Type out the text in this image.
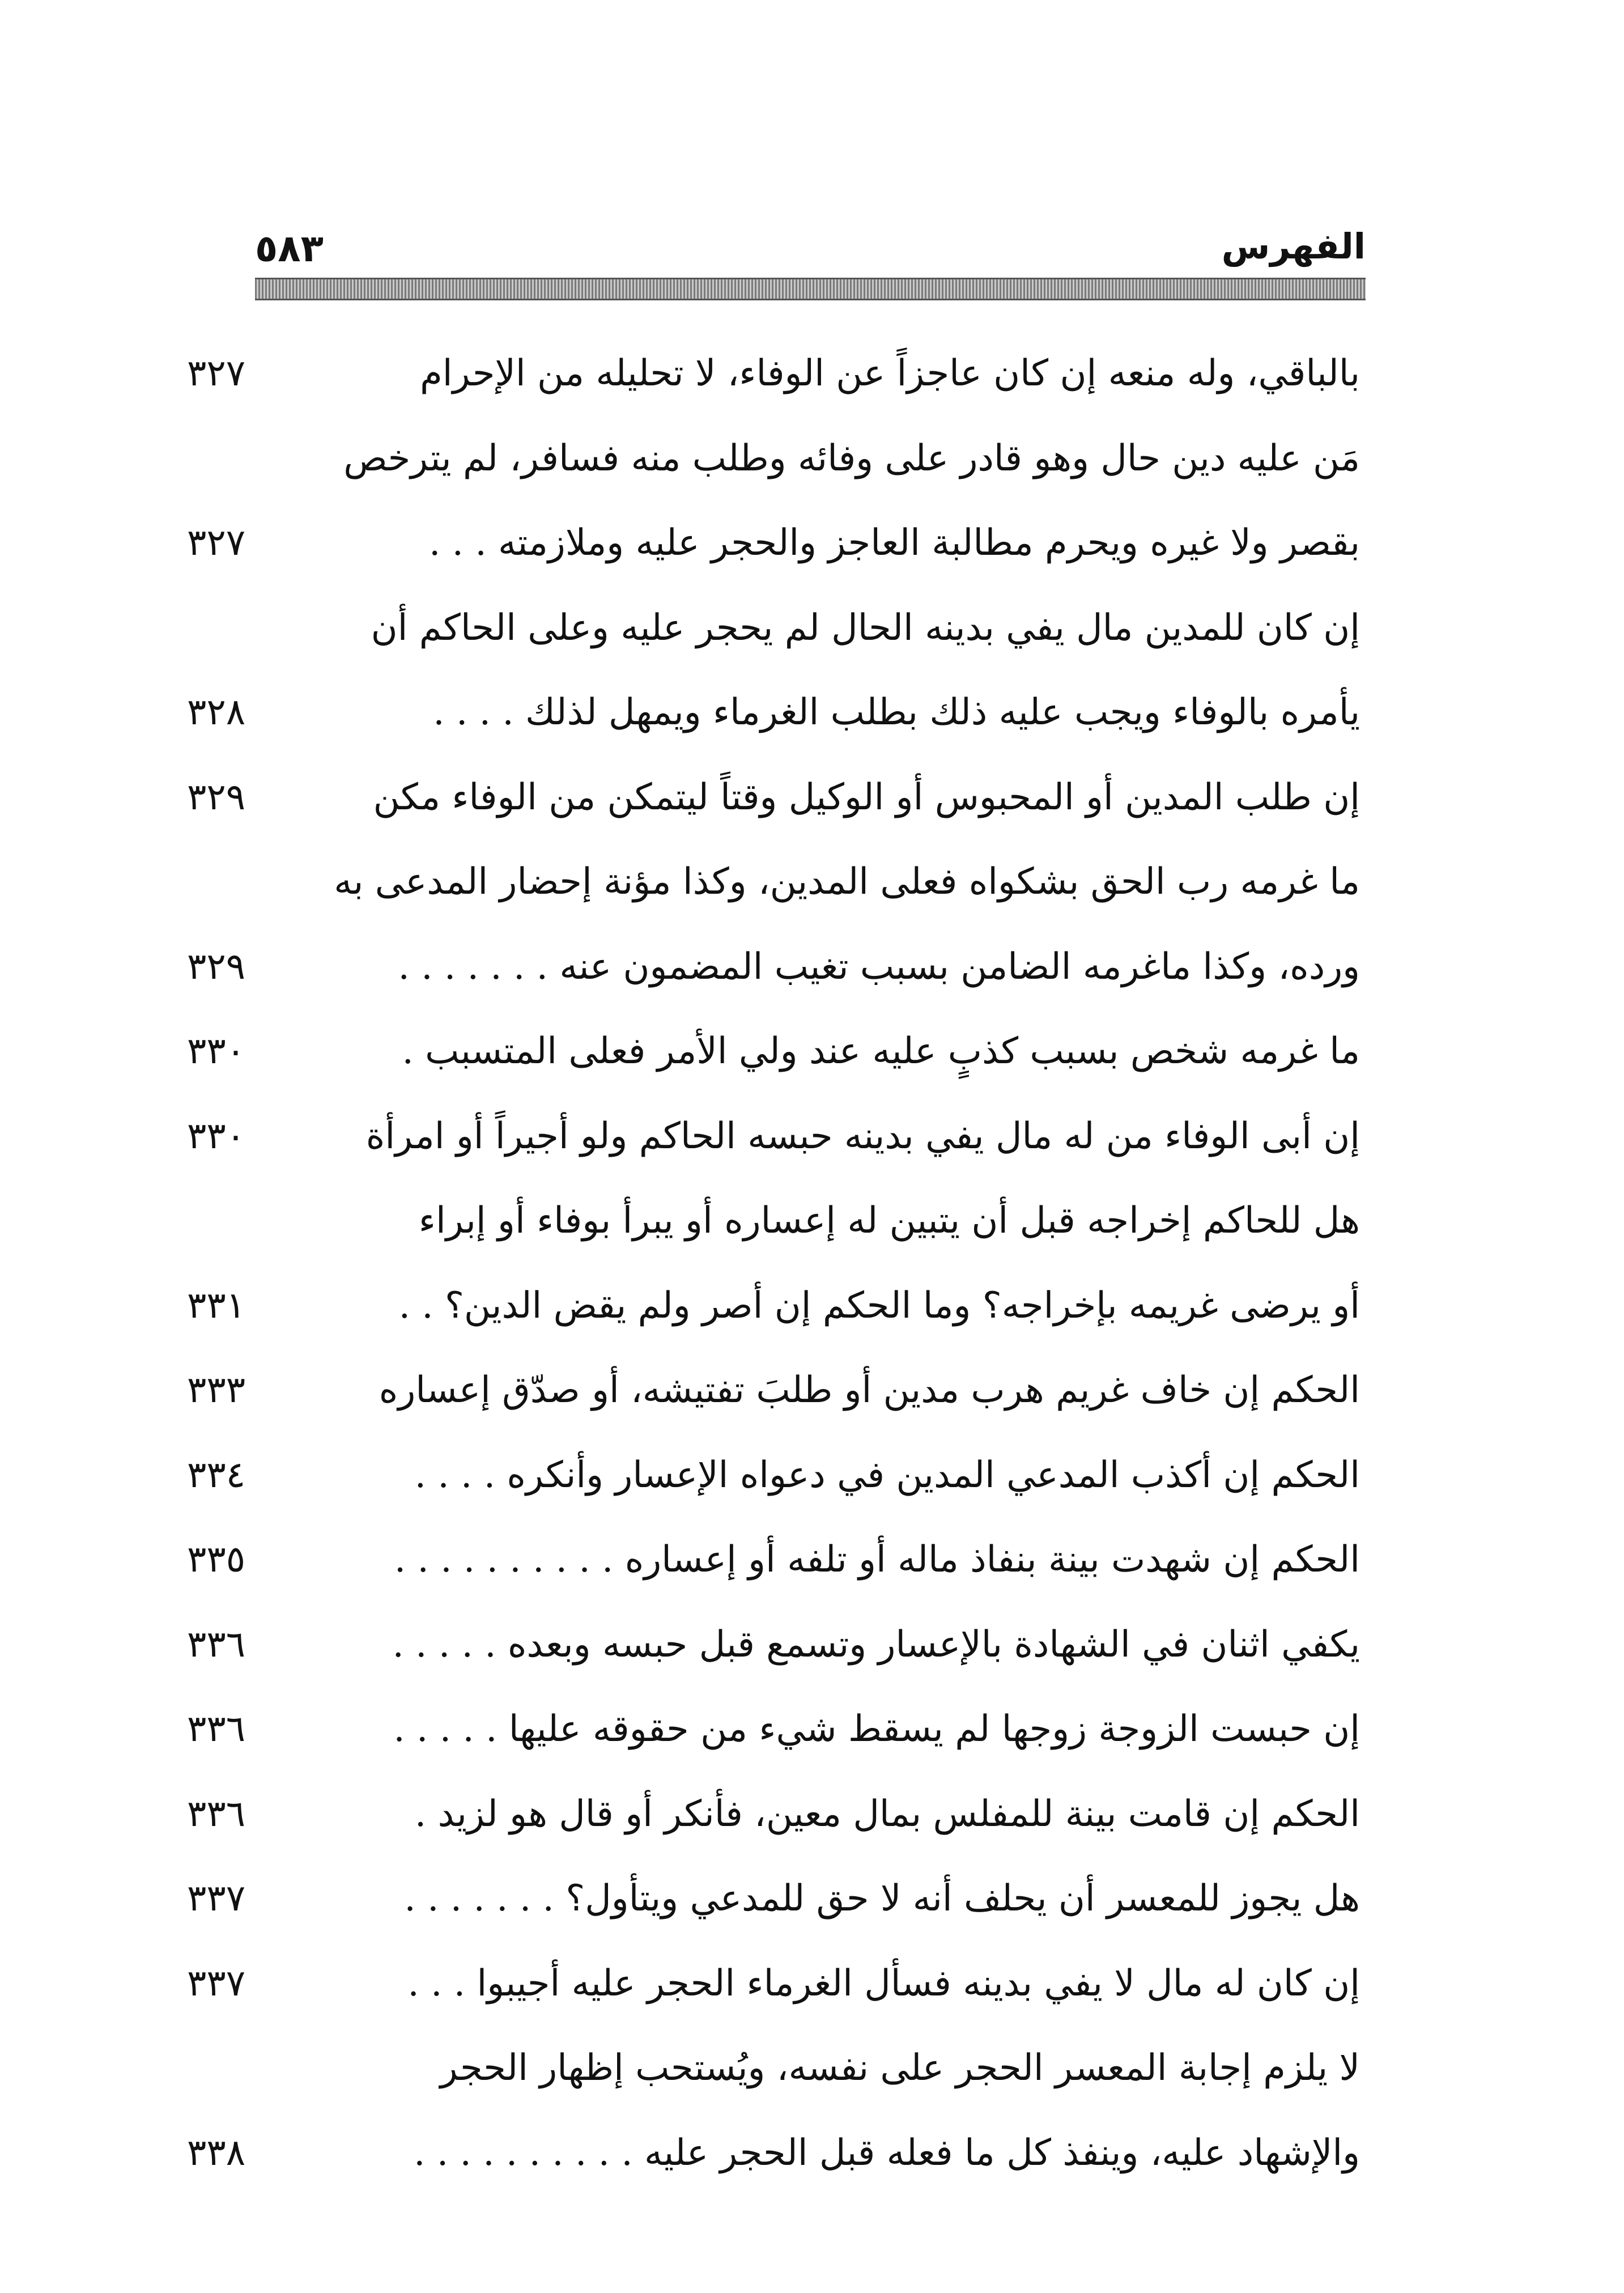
٥٨٣	الفهرس
بالباقي، وله منعه إن كان عاجزاً عن الوفاء، لا تحليله من الإحرام
٣٢٧
مَن عليه دين حال وهو قادر على وفائه وطلب منه فسافر، لم يترخص
بقصر ولا غيره ويحرم مطالبة العاجز والحجر عليه وملازمته . . .
٣٢٧
إن كان للمدين مال يفي بدينه الحال لم يحجر عليه وعلى الحاكم أن
يأمره بالوفاء ويجب عليه ذلك بطلب الغرماء ويمهل لذلك . . . .
٣٢٨
إن طلب المدين أو المحبوس أو الوكيل وقتاً ليتمكن من الوفاء مكن
٣٢٩
ما غرمه رب الحق بشكواه فعلى المدين، وكذا مؤنة إحضار المدعى به
ورده، وكذا ماغرمه الضامن بسبب تغيب المضمون عنه . . . . . . .
٣٢٩
ما غرمه شخص بسبب كذبٍ عليه عند ولي الأمر فعلى المتسبب .
٣٣٠
إن أبى الوفاء من له مال يفي بدينه حبسه الحاكم ولو أجيراً أو امرأة
٣٣٠
هل للحاكم إخراجه قبل أن يتبين له إعساره أو يبرأ بوفاء أو إبراء
أو يرضى غريمه بإخراجه؟ وما الحكم إن أصر ولم يقض الدين؟ . .
٣٣١
الحكم إن خاف غريم هرب مدين أو طلبَ تفتيشه، أو صدّق إعساره
٣٣٣
الحكم إن أكذب المدعي المدين في دعواه الإعسار وأنكره . . . .
٣٣٤
الحكم إن شهدت بينة بنفاذ ماله أو تلفه أو إعساره . . . . . . . . . .
٣٣٥
يكفي اثنان في الشهادة بالإعسار وتسمع قبل حبسه وبعده . . . . .
٣٣٦
إن حبست الزوجة زوجها لم يسقط شيء من حقوقه عليها . . . . .
٣٣٦
الحكم إن قامت بينة للمفلس بمال معين، فأنكر أو قال هو لزيد .
٣٣٦
هل يجوز للمعسر أن يحلف أنه لا حق للمدعي ويتأول؟ . . . . . . .
٣٣٧
إن كان له مال لا يفي بدينه فسأل الغرماء الحجر عليه أجيبوا . . .
٣٣٧
لا يلزم إجابة المعسر الحجر على نفسه، ويُستحب إظهار الحجر
والإشهاد عليه، وينفذ كل ما فعله قبل الحجر عليه . . . . . . . . . .
٣٣٨
